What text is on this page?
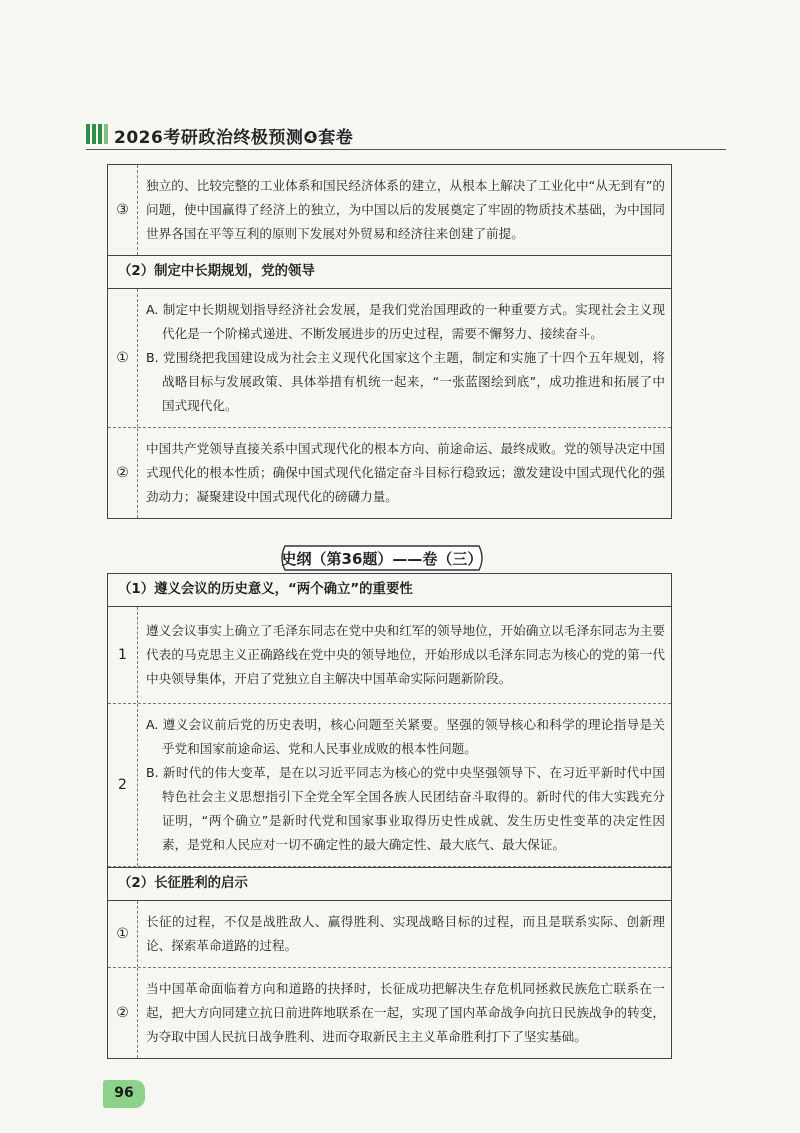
2026考研政治终极预测❹套卷
③

独立的、比较完整的工业体系和国民经济体系的建立，从根本上解决了工业化中“从无到有”的问题，使中国赢得了经济上的独立，为中国以后的发展奠定了牢固的物质技术基础，为中国同世界各国在平等互利的原则下发展对外贸易和经济往来创建了前提。

（2）制定中长期规划，党的领导
①

A. 制定中长期规划指导经济社会发展，是我们党治国理政的一种重要方式。实现社会主义现代化是一个阶梯式递进、不断发展进步的历史过程，需要不懈努力、接续奋斗。

B. 党围绕把我国建设成为社会主义现代化国家这个主题，制定和实施了十四个五年规划，将战略目标与发展政策、具体举措有机统一起来，“一张蓝图绘到底”，成功推进和拓展了中国式现代化。

②

中国共产党领导直接关系中国式现代化的根本方向、前途命运、最终成败。党的领导决定中国式现代化的根本性质；确保中国式现代化锚定奋斗目标行稳致远；激发建设中国式现代化的强劲动力；凝聚建设中国式现代化的磅礴力量。

史纲（第36题）——卷（三）
（1）遵义会议的历史意义，“两个确立”的重要性
1

遵义会议事实上确立了毛泽东同志在党中央和红军的领导地位，开始确立以毛泽东同志为主要代表的马克思主义正确路线在党中央的领导地位，开始形成以毛泽东同志为核心的党的第一代中央领导集体，开启了党独立自主解决中国革命实际问题新阶段。

2

A. 遵义会议前后党的历史表明，核心问题至关紧要。坚强的领导核心和科学的理论指导是关乎党和国家前途命运、党和人民事业成败的根本性问题。

B. 新时代的伟大变革，是在以习近平同志为核心的党中央坚强领导下、在习近平新时代中国特色社会主义思想指引下全党全军全国各族人民团结奋斗取得的。新时代的伟大实践充分证明，“两个确立”是新时代党和国家事业取得历史性成就、发生历史性变革的决定性因素，是党和人民应对一切不确定性的最大确定性、最大底气、最大保证。

（2）长征胜利的启示
①

长征的过程，不仅是战胜敌人、赢得胜利、实现战略目标的过程，而且是联系实际、创新理论、探索革命道路的过程。

②

当中国革命面临着方向和道路的抉择时，长征成功把解决生存危机同拯救民族危亡联系在一起，把大方向同建立抗日前进阵地联系在一起，实现了国内革命战争向抗日民族战争的转变，为夺取中国人民抗日战争胜利、进而夺取新民主主义革命胜利打下了坚实基础。

96
